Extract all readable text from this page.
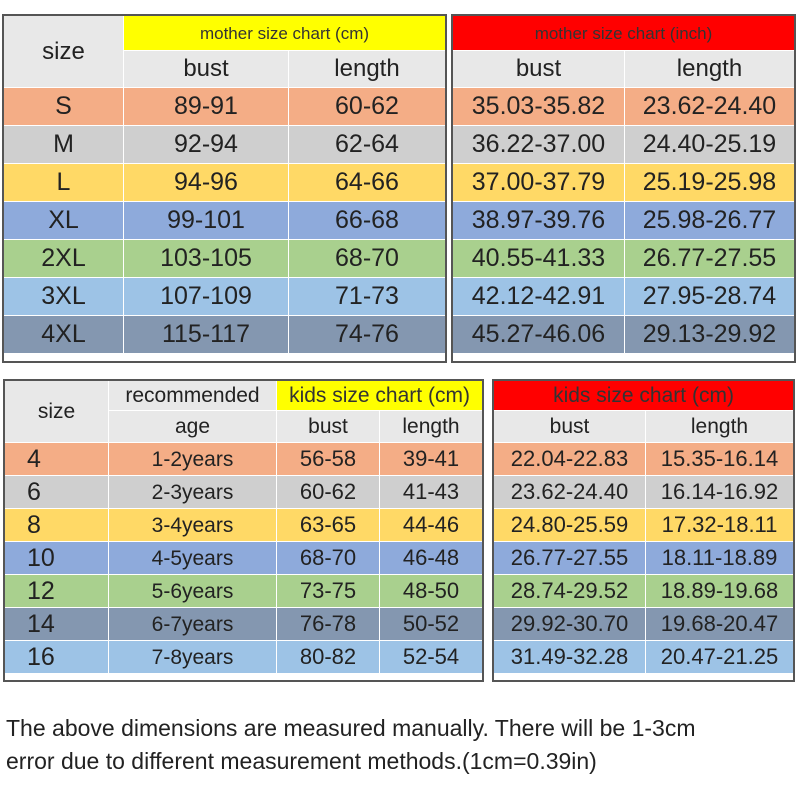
size	mother size chart (cm)	
	bust	length
S	89-91	60-62
M	92-94	62-64
L	94-96	64-66
XL	99-101	66-68
2XL	103-105	68-70
3XL	107-109	71-73
4XL	115-117	74-76
mother size chart (inch)	
bust	length
35.03-35.82	23.62-24.40
36.22-37.00	24.40-25.19
37.00-37.79	25.19-25.98
38.97-39.76	25.98-26.77
40.55-41.33	26.77-27.55
42.12-42.91	27.95-28.74
45.27-46.06	29.13-29.92
size	recommended	kids size chart (cm)	
	age	bust	length
4	1-2years	56-58	39-41
6	2-3years	60-62	41-43
8	3-4years	63-65	44-46
10	4-5years	68-70	46-48
12	5-6years	73-75	48-50
14	6-7years	76-78	50-52
16	7-8years	80-82	52-54
kids size chart (cm)	
bust	length
22.04-22.83	15.35-16.14
23.62-24.40	16.14-16.92
24.80-25.59	17.32-18.11
26.77-27.55	18.11-18.89
28.74-29.52	18.89-19.68
29.92-30.70	19.68-20.47
31.49-32.28	20.47-21.25
The above dimensions are measured manually. There will be 1-3cm
error due to different measurement methods.(1cm=0.39in)
